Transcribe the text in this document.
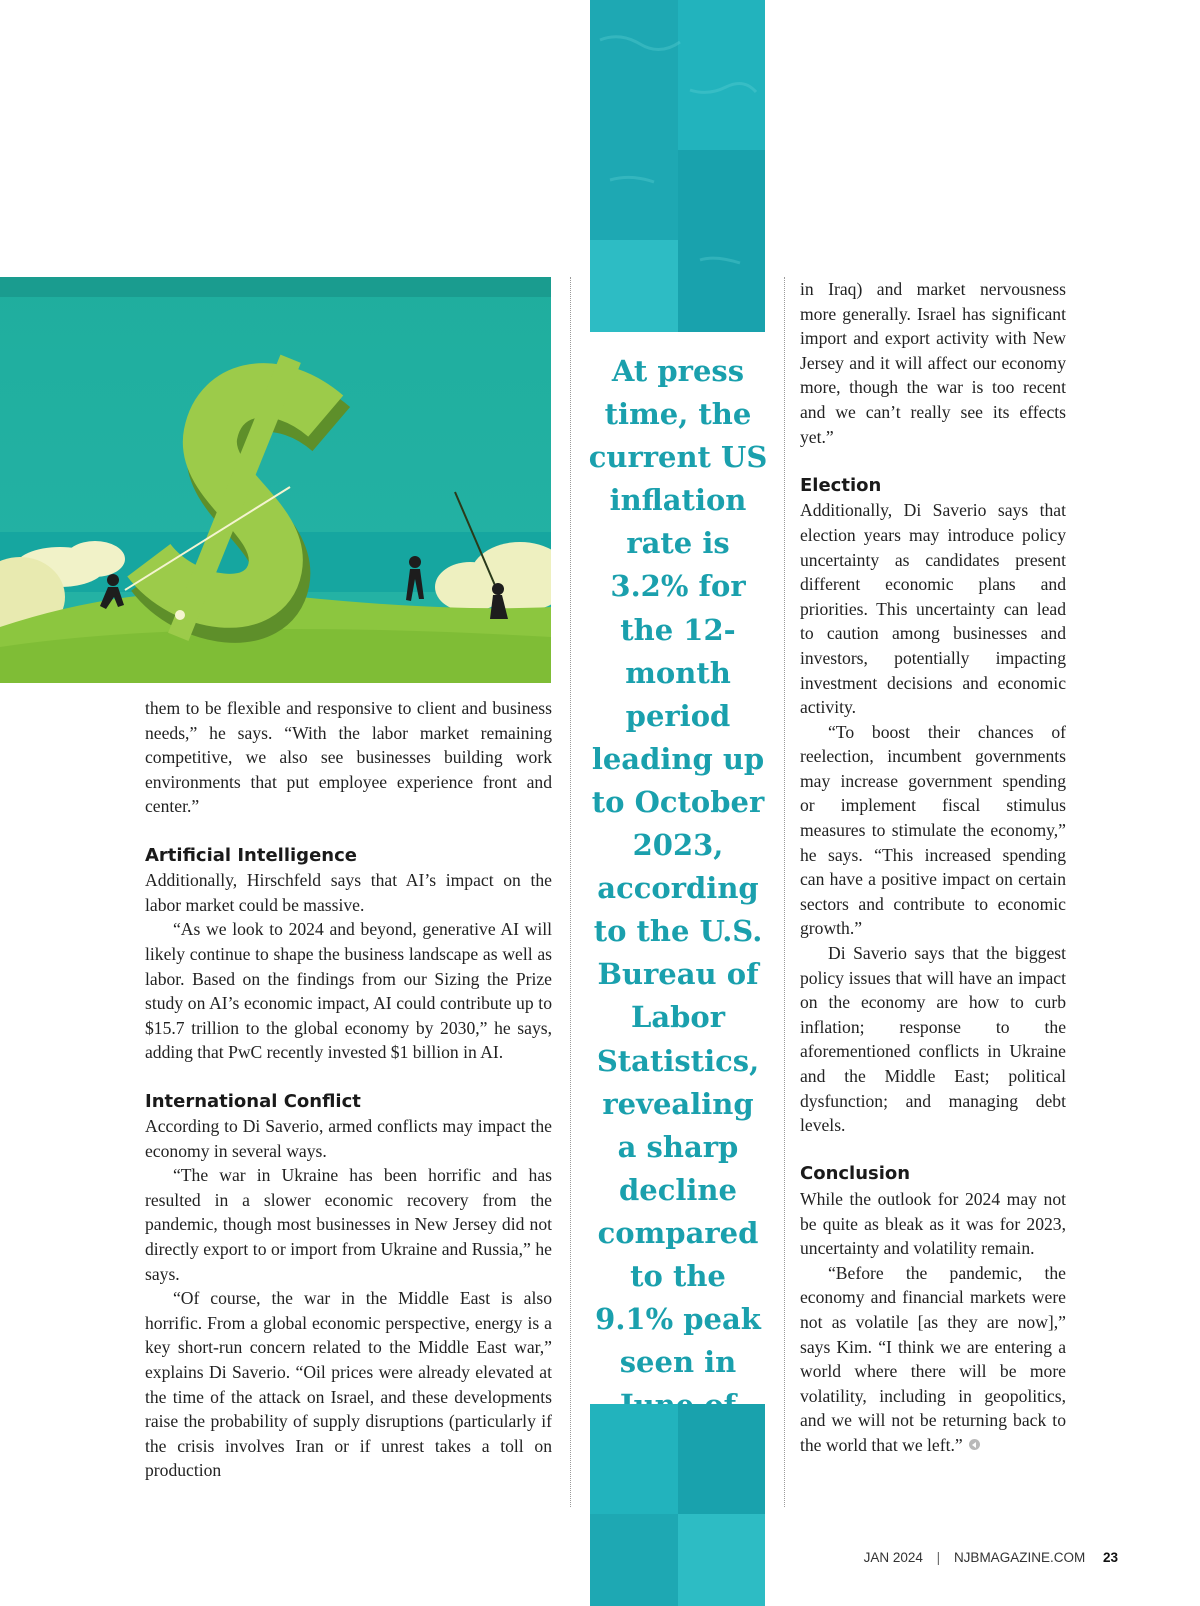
At press time, the current US inflation rate is 3.2% for the 12-month period leading up to October 2023, according to the U.S. Bureau of Labor Statistics, revealing a sharp decline compared to the 9.1% peak seen in

them to be flexible and responsive to client and business needs,” he says. “With the labor market remaining competitive, we also see businesses building work environments that put employee experience front and center.”

Artificial Intelligence

Additionally, Hirschfeld says that AI’s impact on the labor market could be massive.

“As we look to 2024 and beyond, generative AI will likely continue to shape the business landscape as well as labor. Based on the findings from our Sizing the Prize study on AI’s economic impact, AI could contribute up to $15.7 trillion to the global economy by 2030,” he says, adding that PwC recently invested $1 billion in AI.

International Conflict

According to Di Saverio, armed conflicts may impact the economy in several ways.

“The war in Ukraine has been horrific and has resulted in a slower economic recovery from the pandemic, though most businesses in New Jersey did not directly export to or import from Ukraine and Russia,” he says.

“Of course, the war in the Middle East is also horrific. From a global economic perspective, energy is a key short-run concern related to the Middle East war,” explains Di Saverio. “Oil prices were already elevated at the time of the attack on Israel, and these developments raise the probability of supply disruptions (particularly if the crisis involves Iran or if unrest takes a toll on production

in Iraq) and market nervousness more generally. Israel has significant import and export activity with New Jersey and it will affect our economy more, though the war is too recent and we can’t really see its effects yet.”

Election

Additionally, Di Saverio says that election years may introduce policy uncertainty as candidates present different economic plans and priorities. This uncertainty can lead to caution among businesses and investors, potentially impacting investment decisions and economic activity.

“To boost their chances of reelection, incumbent governments may increase government spending or implement fiscal stimulus measures to stimulate the economy,” he says. “This increased spending can have a positive impact on certain sectors and contribute to economic growth.”

Di Saverio says that the biggest policy issues that will have an impact on the economy are how to curb inflation; response to the aforementioned conflicts in Ukraine and the Middle East; political dysfunction; and managing debt levels.

Conclusion

While the outlook for 2024 may not be quite as bleak as it was for 2023, uncertainty and volatility remain.

“Before the pandemic, the economy and financial markets were not as volatile [as they are now],” says Kim. “I think we are entering a world where there will be more volatility, including in geopolitics, and we will not be returning back to the world that we left.”

JAN 2024 | NJBMAGAZINE.COM 23
